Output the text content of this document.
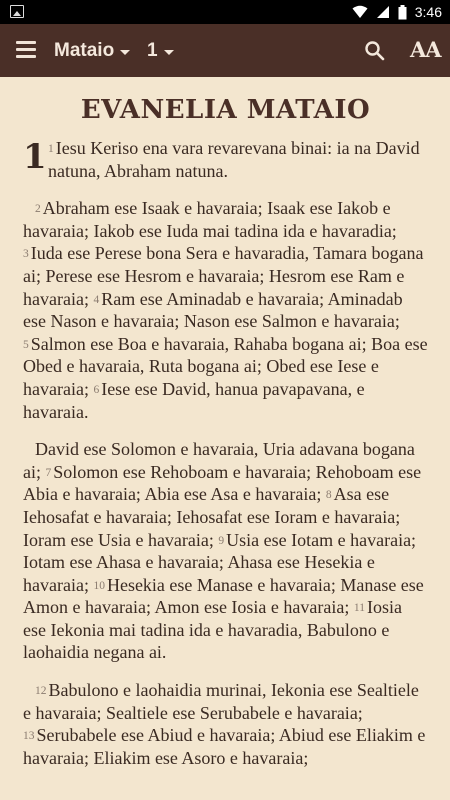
3:46
Mataio 1	AA
EVANELIA MATAIO

1 $^1$ Iesu Keriso ena vara revarevana binai: ia na David natuna, Abraham natuna.

$^2$ Abraham ese Isaak e havaraia; Isaak ese Iakob e havaraia; Iakob ese Iuda mai tadina ida e havaradia; $^3$ Iuda ese Perese bona Sera e havaradia, Tamara bogana ai; Perese ese Hesrom e havaraia; Hesrom ese Ram e havaraia; $^4$ Ram ese Aminadab e havaraia; Aminadab ese Nason e havaraia; Nason ese Salmon e havaraia; $^5$ Salmon ese Boa e havaraia, Rahaba bogana ai; Boa ese Obed e havaraia, Ruta bogana ai; Obed ese Iese e havaraia; $^6$ Iese ese David, hanua pavapavana, e havaraia.

David ese Solomon e havaraia, Uria adavana bogana ai; $^7$ Solomon ese Rehoboam e havaraia; Rehoboam ese Abia e havaraia; Abia ese Asa e havaraia; $^8$ Asa ese Iehosafat e havaraia; Iehosafat ese Ioram e havaraia; Ioram ese Usia e havaraia; $^9$ Usia ese Iotam e havaraia; Iotam ese Ahasa e havaraia; Ahasa ese Hesekia e havaraia; $^{10}$ Hesekia ese Manase e havaraia; Manase ese Amon e havaraia; Amon ese Iosia e havaraia; $^{11}$ Iosia ese Iekonia mai tadina ida e havaradia, Babulono e laohaidia negana ai.

$^{12}$ Babulono e laohaidia murinai, Iekonia ese Sealtiele e havaraia; Sealtiele ese Serubabele e havaraia; $^{13}$ Serubabele ese Abiud e havaraia; Abiud ese Eliakim e havaraia; Eliakim ese Asoro e havaraia;
